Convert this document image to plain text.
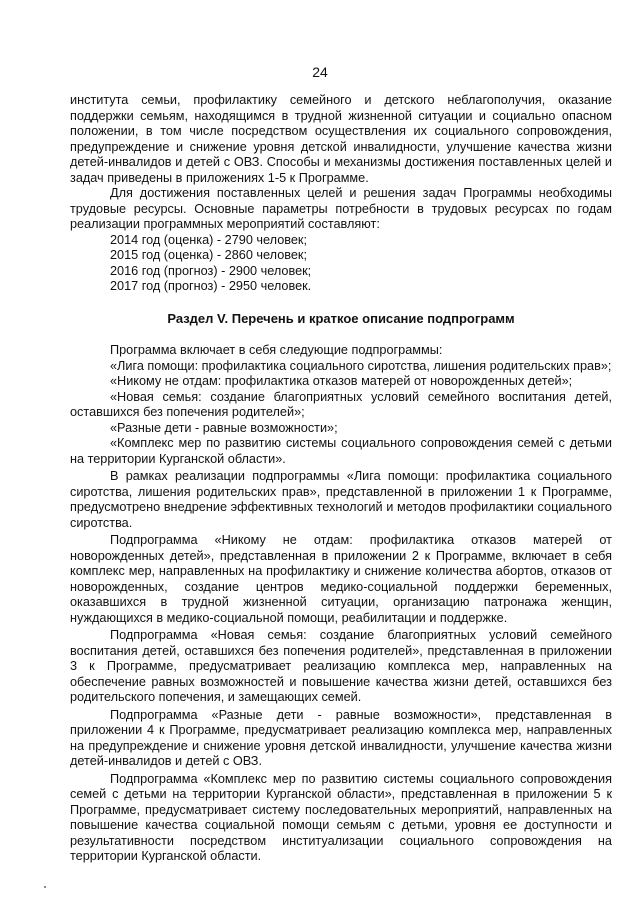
24

института семьи, профилактику семейного и детского неблагополучия, оказание поддержки семьям, находящимся в трудной жизненной ситуации и социально опасном положении, в том числе посредством осуществления их социального сопровождения, предупреждение и снижение уровня детской инвалидности, улучшение качества жизни детей-инвалидов и детей с ОВЗ. Способы и механизмы достижения поставленных целей и задач приведены в приложениях 1-5 к Программе.

Для достижения поставленных целей и решения задач Программы необходимы трудовые ресурсы. Основные параметры потребности в трудовых ресурсах по годам реализации программных мероприятий составляют:

2014 год (оценка) - 2790 человек;

2015 год (оценка) - 2860 человек;

2016 год (прогноз) - 2900 человек;

2017 год (прогноз) - 2950 человек.

Раздел V. Перечень и краткое описание подпрограмм

Программа включает в себя следующие подпрограммы:

«Лига помощи: профилактика социального сиротства, лишения родительских прав»;

«Никому не отдам: профилактика отказов матерей от новорожденных детей»;

«Новая семья: создание благоприятных условий семейного воспитания детей, оставшихся без попечения родителей»;

«Разные дети - равные возможности»;

«Комплекс мер по развитию системы социального сопровождения семей с детьми на территории Курганской области».

В рамках реализации подпрограммы «Лига помощи: профилактика социального сиротства, лишения родительских прав», представленной в приложении 1 к Программе, предусмотрено внедрение эффективных технологий и методов профилактики социального сиротства.

Подпрограмма «Никому не отдам: профилактика отказов матерей от новорожденных детей», представленная в приложении 2 к Программе, включает в себя комплекс мер, направленных на профилактику и снижение количества абортов, отказов от новорожденных, создание центров медико-социальной поддержки беременных, оказавшихся в трудной жизненной ситуации, организацию патронажа женщин, нуждающихся в медико-социальной помощи, реабилитации и поддержке.

Подпрограмма «Новая семья: создание благоприятных условий семейного воспитания детей, оставшихся без попечения родителей», представленная в приложении 3 к Программе, предусматривает реализацию комплекса мер, направленных на обеспечение равных возможностей и повышение качества жизни детей, оставшихся без родительского попечения, и замещающих семей.

Подпрограмма «Разные дети - равные возможности», представленная в приложении 4 к Программе, предусматривает реализацию комплекса мер, направленных на предупреждение и снижение уровня детской инвалидности, улучшение качества жизни детей-инвалидов и детей с ОВЗ.

Подпрограмма «Комплекс мер по развитию системы социального сопровождения семей с детьми на территории Курганской области», представленная в приложении 5 к Программе, предусматривает систему последовательных мероприятий, направленных на повышение качества социальной помощи семьям с детьми, уровня ее доступности и результативности посредством институализации социального сопровождения на территории Курганской области.
